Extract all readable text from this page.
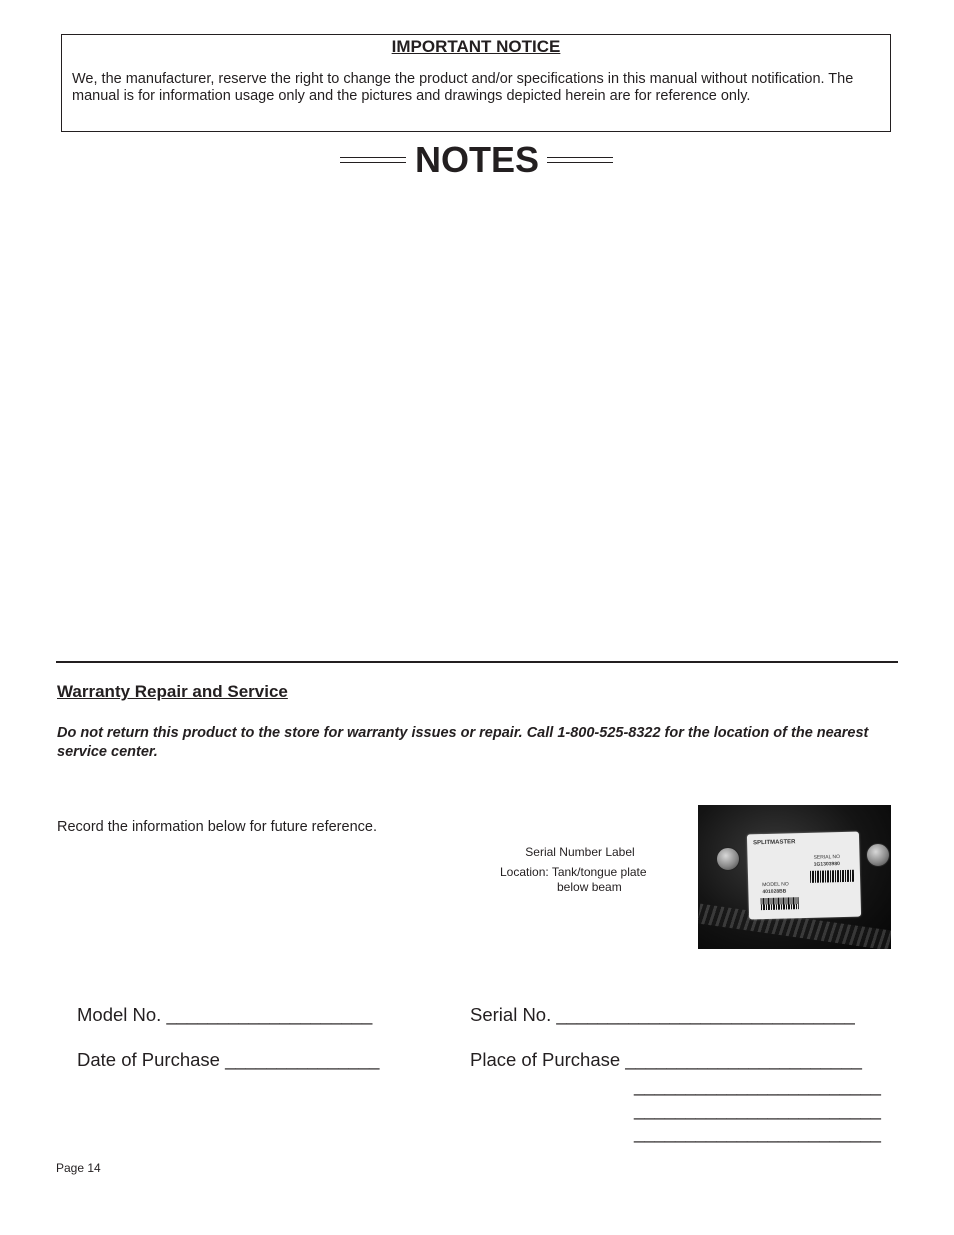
IMPORTANT NOTICE
We, the manufacturer, reserve the right to change the product and/or specifications in this manual without notification. The manual is for information usage only and the pictures and drawings depicted herein are for reference only.
NOTES
Warranty Repair and Service
Do not return this product to the store for warranty issues or repair. Call 1-800-525-8322 for the location of the nearest service center.
Record the information below for future reference.
Serial Number Label
Location: Tank/tongue plate
below beam
SPLITMASTER
SERIAL NO
1G1303980
MODEL NO
401028BB
Model No. ____________________	Serial No. _____________________________
Date of Purchase _______________	Place of Purchase _______________________
________________________
________________________
________________________
Page 14
